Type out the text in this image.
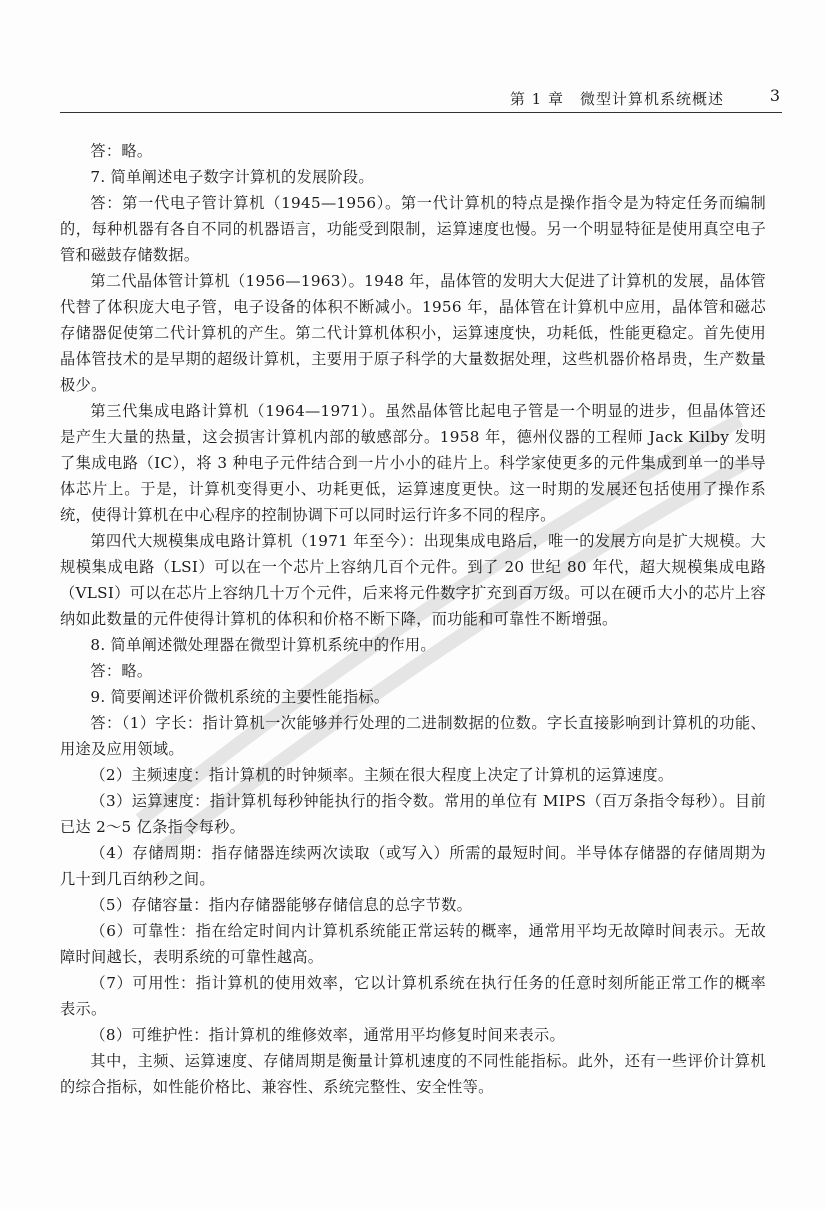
第 1 章　微型计算机系统概述	3

答：略。

7. 简单阐述电子数字计算机的发展阶段。

答：第一代电子管计算机（1945—1956）。第一代计算机的特点是操作指令是为特定任务而编制的，每种机器有各自不同的机器语言，功能受到限制，运算速度也慢。另一个明显特征是使用真空电子管和磁鼓存储数据。

第二代晶体管计算机（1956—1963）。1948 年，晶体管的发明大大促进了计算机的发展，晶体管代替了体积庞大电子管，电子设备的体积不断减小。1956 年，晶体管在计算机中应用，晶体管和磁芯存储器促使第二代计算机的产生。第二代计算机体积小，运算速度快，功耗低，性能更稳定。首先使用晶体管技术的是早期的超级计算机，主要用于原子科学的大量数据处理，这些机器价格昂贵，生产数量极少。

第三代集成电路计算机（1964—1971）。虽然晶体管比起电子管是一个明显的进步，但晶体管还是产生大量的热量，这会损害计算机内部的敏感部分。1958 年，德州仪器的工程师 Jack Kilby 发明了集成电路（IC），将 3 种电子元件结合到一片小小的硅片上。科学家使更多的元件集成到单一的半导体芯片上。于是，计算机变得更小、功耗更低，运算速度更快。这一时期的发展还包括使用了操作系统，使得计算机在中心程序的控制协调下可以同时运行许多不同的程序。

第四代大规模集成电路计算机（1971 年至今）：出现集成电路后，唯一的发展方向是扩大规模。大规模集成电路（LSI）可以在一个芯片上容纳几百个元件。到了 20 世纪 80 年代，超大规模集成电路（VLSI）可以在芯片上容纳几十万个元件，后来将元件数字扩充到百万级。可以在硬币大小的芯片上容纳如此数量的元件使得计算机的体积和价格不断下降，而功能和可靠性不断增强。

8. 简单阐述微处理器在微型计算机系统中的作用。

答：略。

9. 简要阐述评价微机系统的主要性能指标。

答：（1）字长：指计算机一次能够并行处理的二进制数据的位数。字长直接影响到计算机的功能、用途及应用领域。

（2）主频速度：指计算机的时钟频率。主频在很大程度上决定了计算机的运算速度。

（3）运算速度：指计算机每秒钟能执行的指令数。常用的单位有 MIPS（百万条指令每秒）。目前已达 2～5 亿条指令每秒。

（4）存储周期：指存储器连续两次读取（或写入）所需的最短时间。半导体存储器的存储周期为几十到几百纳秒之间。

（5）存储容量：指内存储器能够存储信息的总字节数。

（6）可靠性：指在给定时间内计算机系统能正常运转的概率，通常用平均无故障时间表示。无故障时间越长，表明系统的可靠性越高。

（7）可用性：指计算机的使用效率，它以计算机系统在执行任务的任意时刻所能正常工作的概率表示。

（8）可维护性：指计算机的维修效率，通常用平均修复时间来表示。

其中，主频、运算速度、存储周期是衡量计算机速度的不同性能指标。此外，还有一些评价计算机的综合指标，如性能价格比、兼容性、系统完整性、安全性等。
